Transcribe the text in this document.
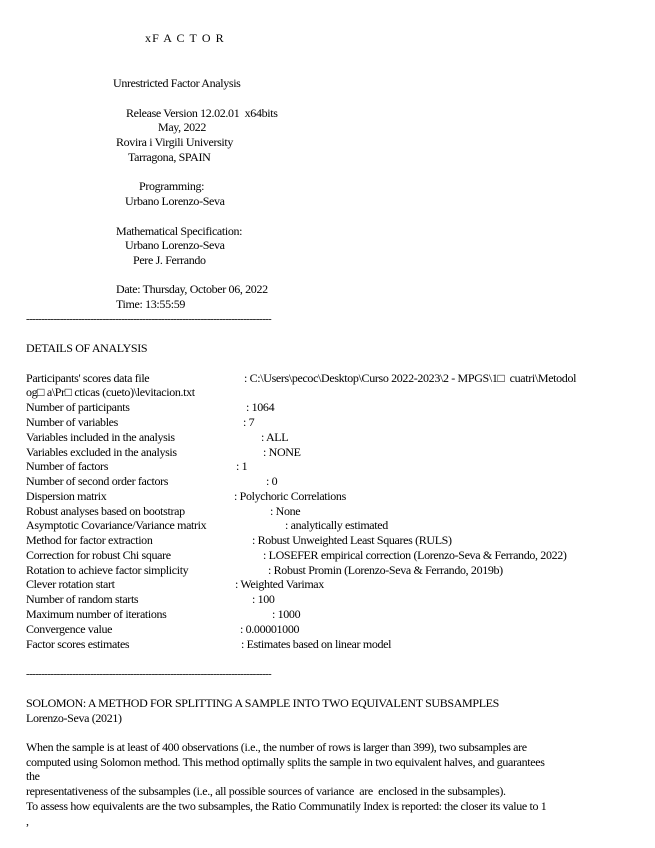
xF A C T O R
Unrestricted Factor Analysis
Release Version 12.02.01  x64bits
May, 2022
Rovira i Virgili University
Tarragona, SPAIN
Programming:
Urbano Lorenzo-Seva
Mathematical Specification:
Urbano Lorenzo-Seva
Pere J. Ferrando
Date: Thursday, October 06, 2022
Time: 13:55:59
--------------------------------------------------------------------------------
DETAILS OF ANALYSIS
Participants' scores data file	: C:\Users\pecoc\Desktop\Curso 2022-2023\2 - MPGS\1□  cuatri\Metodol
og□ a\Pr□ cticas (cueto)\levitacion.txt
Number of participants	: 1064
Number of variables	: 7
Variables included in the analysis	: ALL
Variables excluded in the analysis	: NONE
Number of factors	: 1
Number of second order factors	: 0
Dispersion matrix	: Polychoric Correlations
Robust analyses based on bootstrap	: None
Asymptotic Covariance/Variance matrix	: analytically estimated
Method for factor extraction	: Robust Unweighted Least Squares (RULS)
Correction for robust Chi square	: LOSEFER empirical correction (Lorenzo-Seva & Ferrando, 2022)
Rotation to achieve factor simplicity	: Robust Promin (Lorenzo-Seva & Ferrando, 2019b)
Clever rotation start	: Weighted Varimax
Number of random starts	: 100
Maximum number of iterations	: 1000
Convergence value	: 0.00001000
Factor scores estimates	: Estimates based on linear model
--------------------------------------------------------------------------------
SOLOMON: A METHOD FOR SPLITTING A SAMPLE INTO TWO EQUIVALENT SUBSAMPLES
Lorenzo-Seva (2021)
When the sample is at least of 400 observations (i.e., the number of rows is larger than 399), two subsamples are
computed using Solomon method. This method optimally splits the sample in two equivalent halves, and guarantees
the
representativeness of the subsamples (i.e., all possible sources of variance  are  enclosed in the subsamples).
To assess how equivalents are the two subsamples, the Ratio Communatily Index is reported: the closer its value to 1
,
